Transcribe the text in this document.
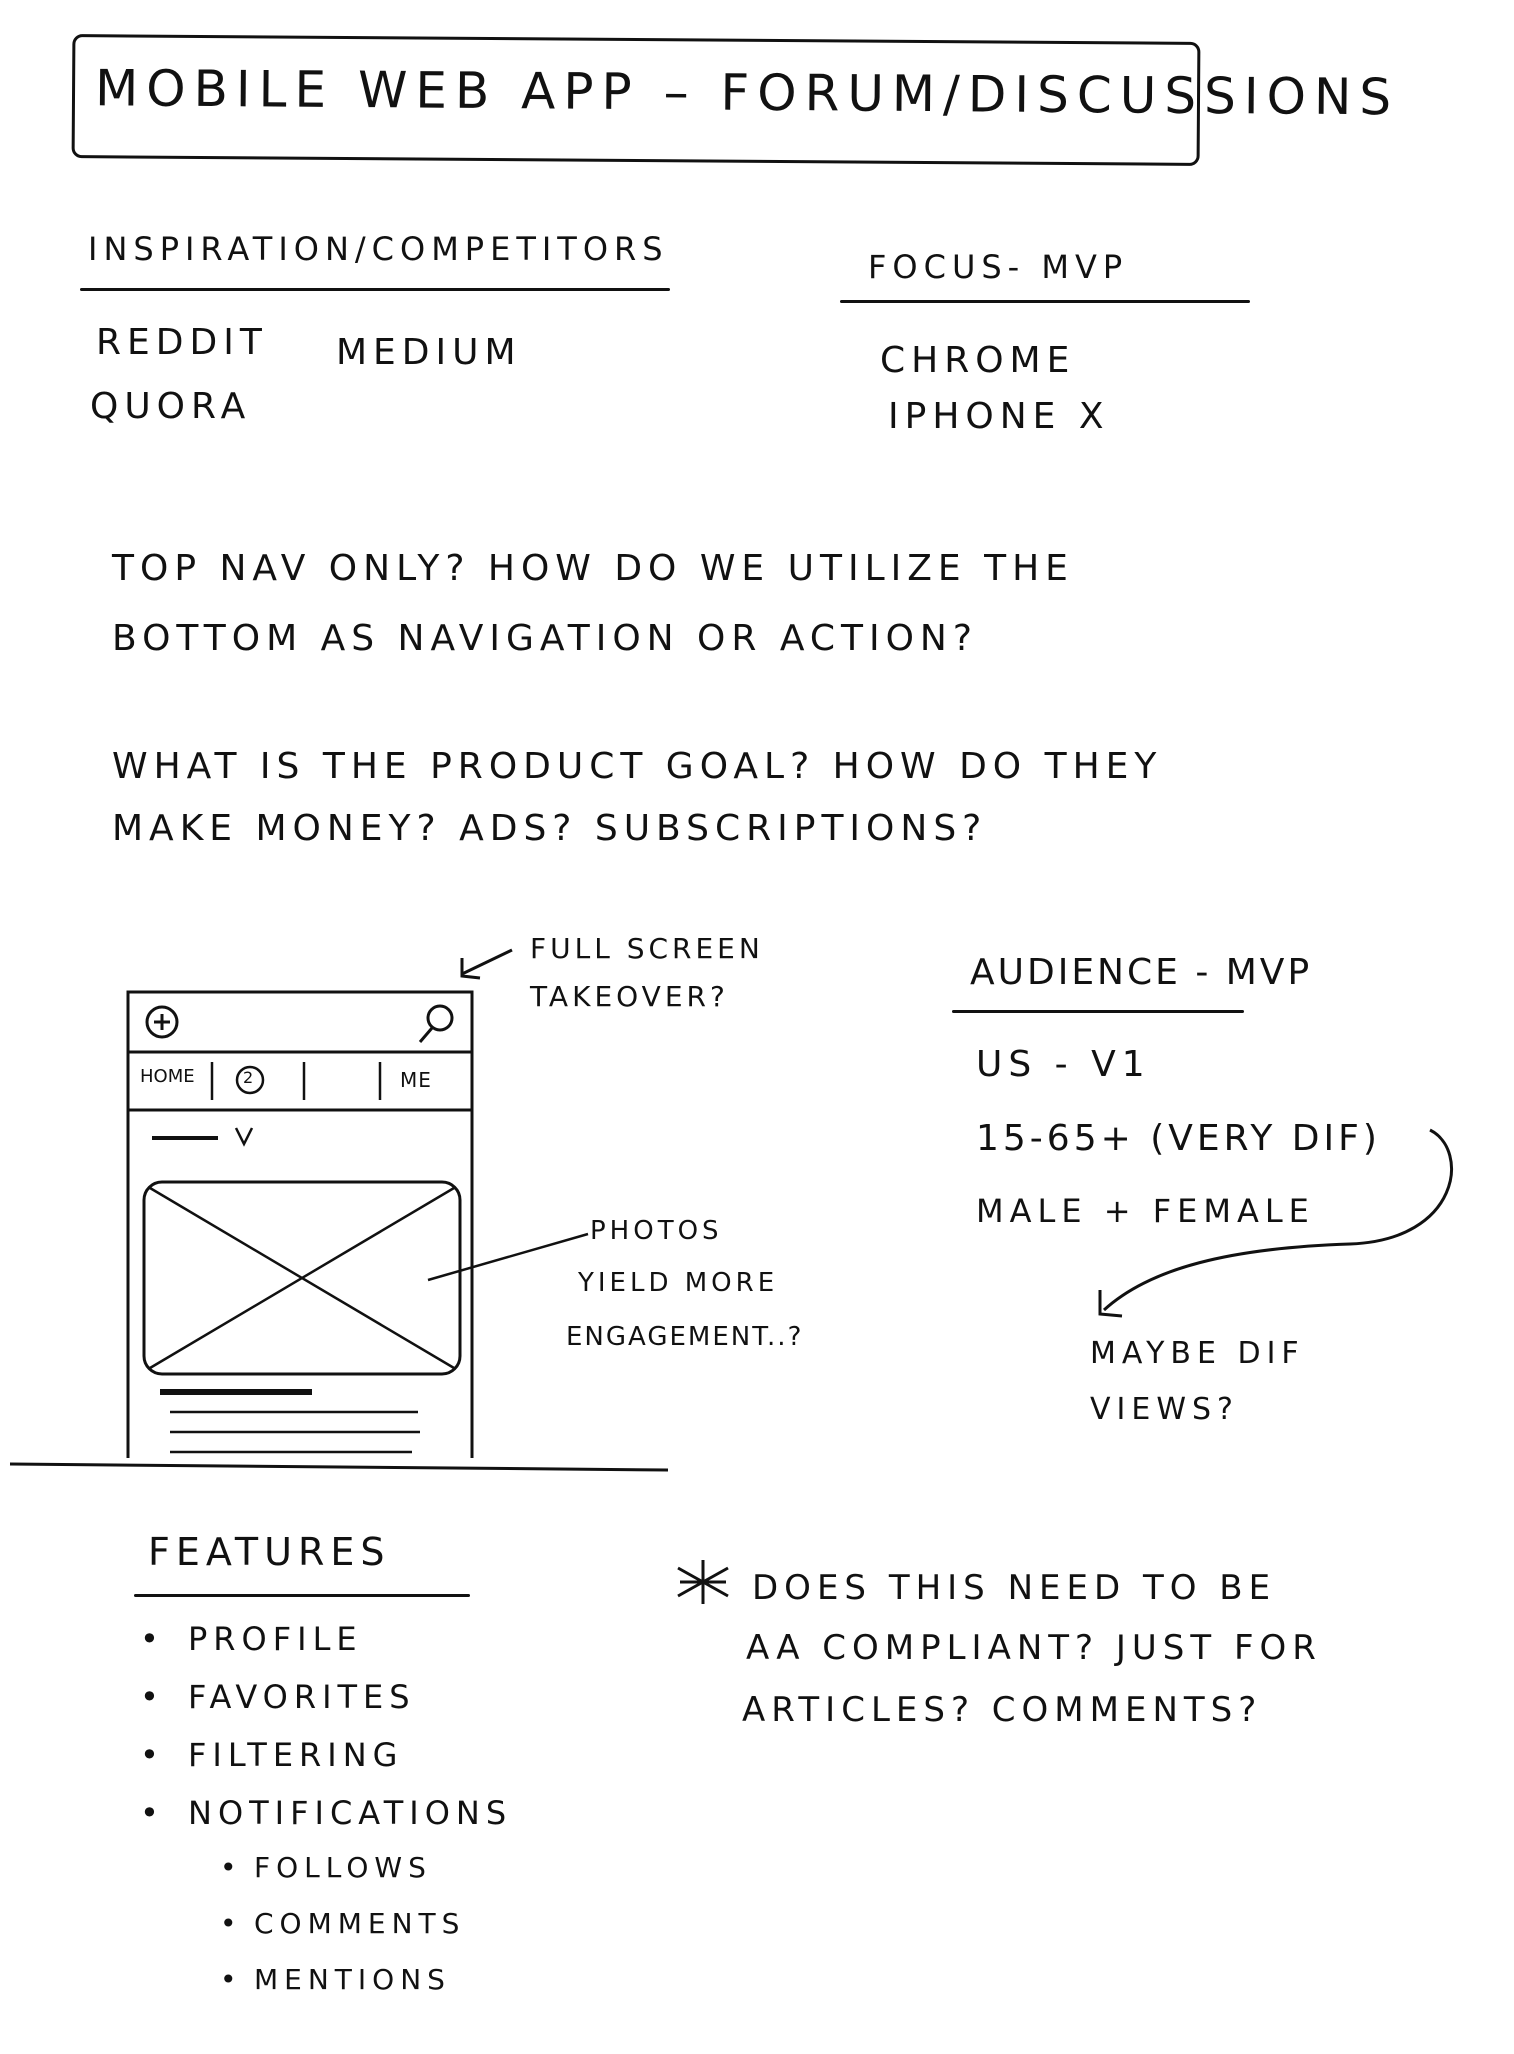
MOBILE WEB APP – FORUM/DISCUSSIONS
INSPIRATION/COMPETITORS
REDDIT MEDIUM
QUORA
FOCUS- MVP
CHROME
IPHONE X
TOP NAV ONLY? HOW DO WE UTILIZE THE
BOTTOM AS NAVIGATION OR ACTION?
WHAT IS THE PRODUCT GOAL? HOW DO THEY
MAKE MONEY? ADS? SUBSCRIPTIONS?
HOME	2	ME
FULL SCREEN
TAKEOVER?
PHOTOS
YIELD MORE
ENGAGEMENT..?
AUDIENCE - MVP
US - V1
15-65+ (VERY DIF)
MALE + FEMALE
MAYBE DIF
VIEWS?
FEATURES
• PROFILE
• FAVORITES
• FILTERING
• NOTIFICATIONS
• FOLLOWS
• COMMENTS
• MENTIONS
DOES THIS NEED TO BE
AA COMPLIANT? JUST FOR
ARTICLES? COMMENTS?
